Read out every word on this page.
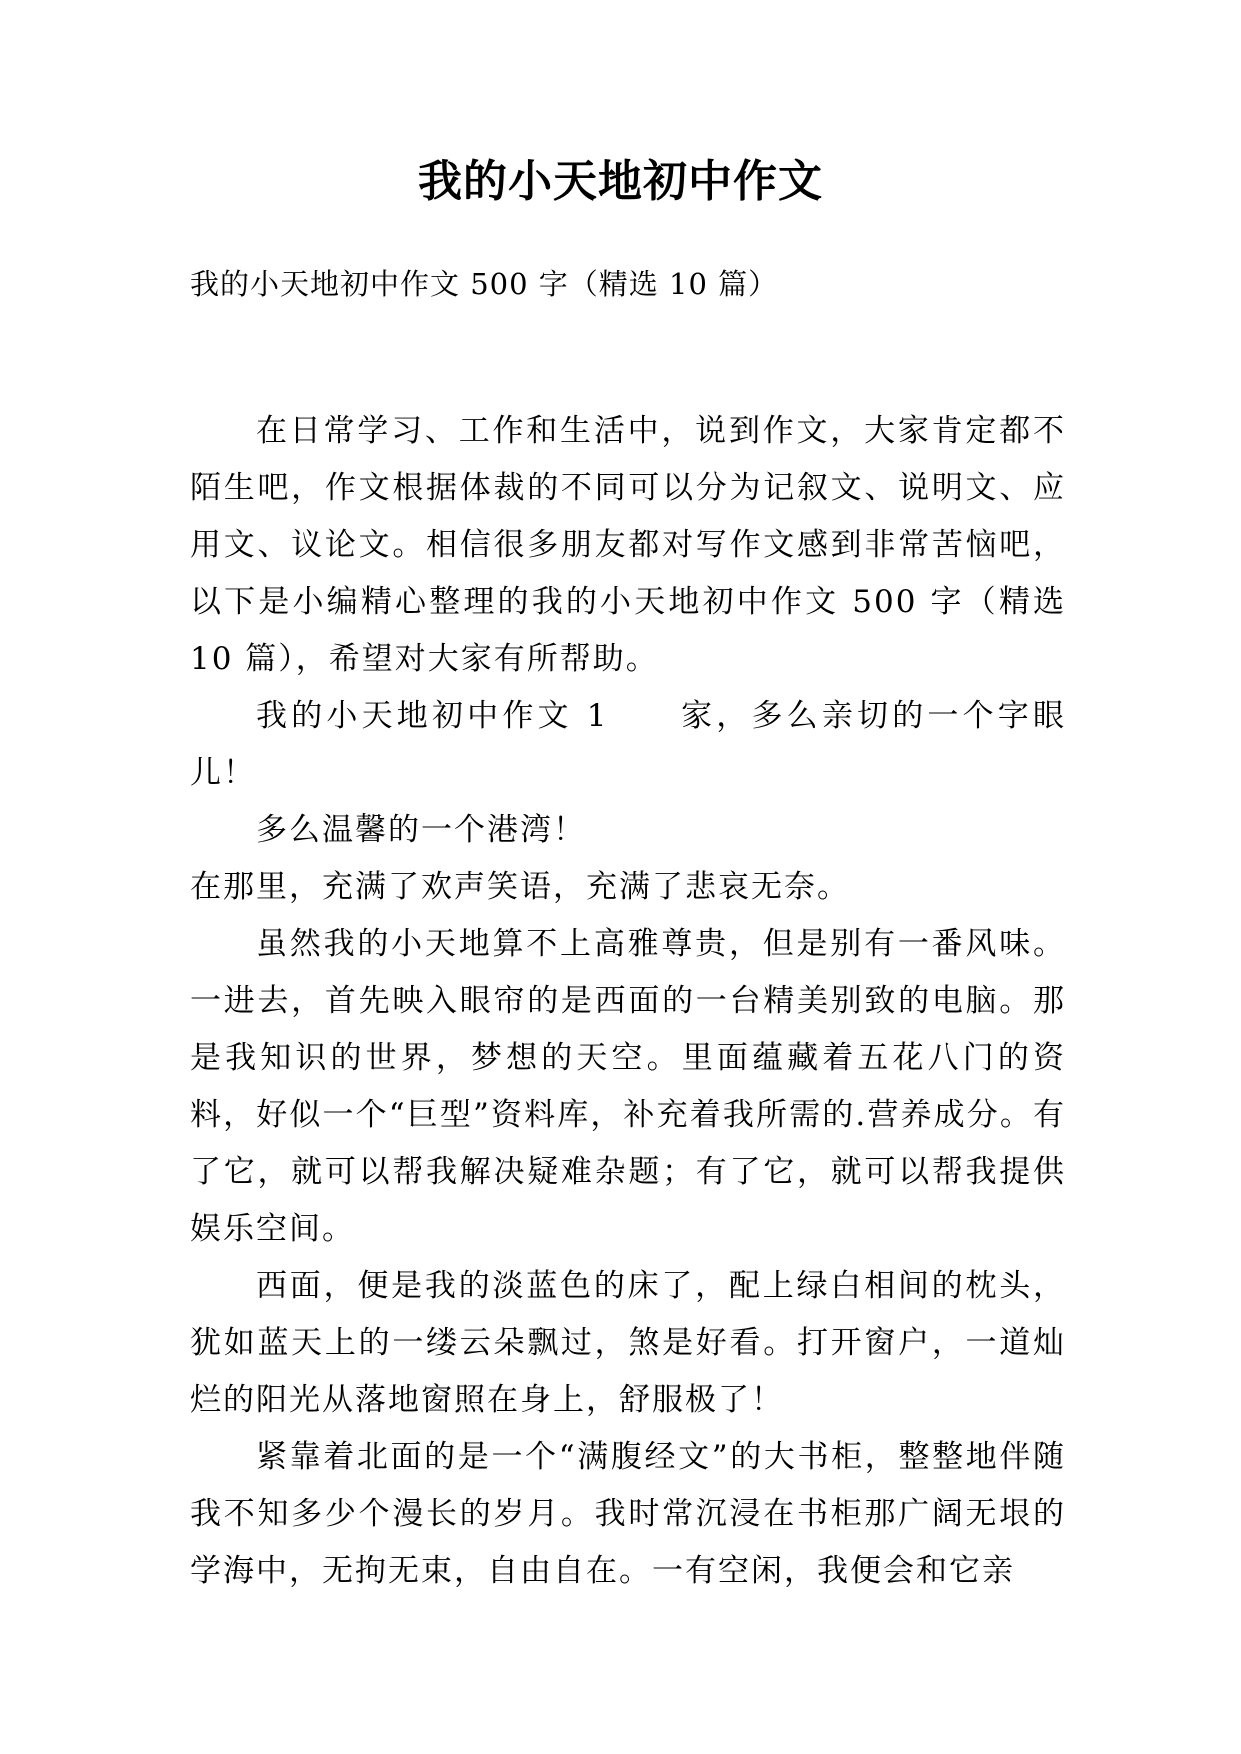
我的小天地初中作文
我的小天地初中作文 500 字（精选 10 篇）

在日常学习、工作和生活中，说到作文，大家肯定都不陌生吧，作文根据体裁的不同可以分为记叙文、说明文、应用文、议论文。相信很多朋友都对写作文感到非常苦恼吧，以下是小编精心整理的我的小天地初中作文 500 字（精选 10 篇），希望对大家有所帮助。

我的小天地初中作文 1　　家，多么亲切的一个字眼儿！

多么温馨的一个港湾！

在那里，充满了欢声笑语，充满了悲哀无奈。

虽然我的小天地算不上高雅尊贵，但是别有一番风味。一进去，首先映入眼帘的是西面的一台精美别致的电脑。那是我知识的世界，梦想的天空。里面蕴藏着五花八门的资料，好似一个“巨型”资料库，补充着我所需的.营养成分。有了它，就可以帮我解决疑难杂题；有了它，就可以帮我提供娱乐空间。

西面，便是我的淡蓝色的床了，配上绿白相间的枕头，犹如蓝天上的一缕云朵飘过，煞是好看。打开窗户，一道灿烂的阳光从落地窗照在身上，舒服极了！

紧靠着北面的是一个“满腹经文”的大书柜，整整地伴随我不知多少个漫长的岁月。我时常沉浸在书柜那广阔无垠的学海中，无拘无束，自由自在。一有空闲，我便会和它亲
